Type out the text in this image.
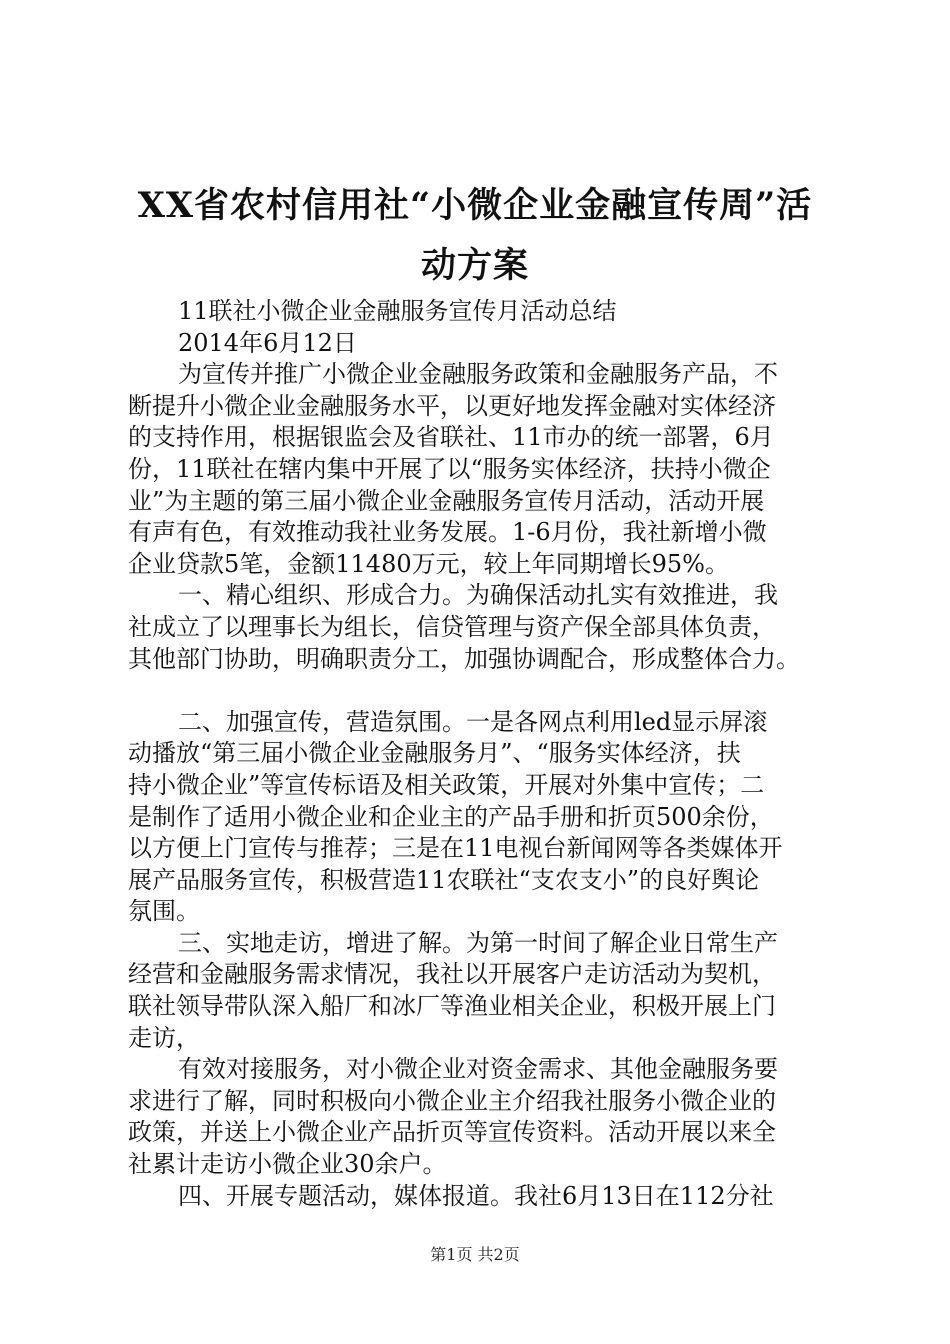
XX省农村信用社“小微企业金融宣传周”活
动方案

11联社小微企业金融服务宣传月活动总结

2014年6月12日

为宣传并推广小微企业金融服务政策和金融服务产品，不

断提升小微企业金融服务水平，以更好地发挥金融对实体经济

的支持作用，根据银监会及省联社、11市办的统一部署，6月

份，11联社在辖内集中开展了以“服务实体经济，扶持小微企

业”为主题的第三届小微企业金融服务宣传月活动，活动开展

有声有色，有效推动我社业务发展。1-6月份，我社新增小微

企业贷款5笔，金额11480万元，较上年同期增长95%。

一、精心组织、形成合力。为确保活动扎实有效推进，我

社成立了以理事长为组长，信贷管理与资产保全部具体负责，

其他部门协助，明确职责分工，加强协调配合，形成整体合力。

二、加强宣传，营造氛围。一是各网点利用led显示屏滚

动播放“第三届小微企业金融服务月”、“服务实体经济，扶

持小微企业”等宣传标语及相关政策，开展对外集中宣传；二

是制作了适用小微企业和企业主的产品手册和折页500余份，

以方便上门宣传与推荐；三是在11电视台新闻网等各类媒体开

展产品服务宣传，积极营造11农联社“支农支小”的良好舆论

氛围。

三、实地走访，增进了解。为第一时间了解企业日常生产

经营和金融服务需求情况，我社以开展客户走访活动为契机，

联社领导带队深入船厂和冰厂等渔业相关企业，积极开展上门

走访，

有效对接服务，对小微企业对资金需求、其他金融服务要

求进行了解，同时积极向小微企业主介绍我社服务小微企业的

政策，并送上小微企业产品折页等宣传资料。活动开展以来全

社累计走访小微企业30余户。

四、开展专题活动，媒体报道。我社6月13日在112分社

第1页 共2页
